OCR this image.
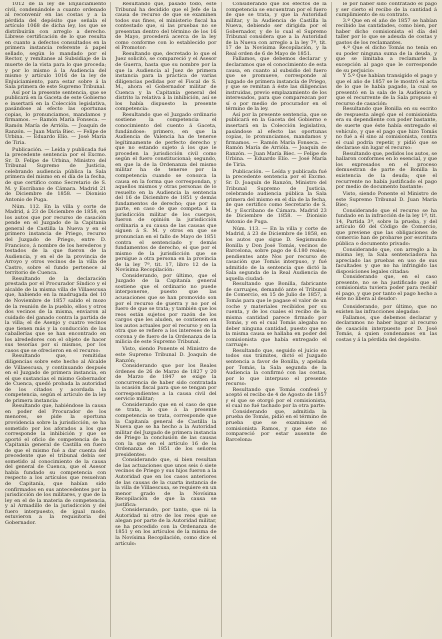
1012 de la ley de Enjuiciamiento civil, condenándole a cuanto ordenado al reconvenir en las costas y a la pérdida del depósito que señala el artículo 1068 de dicha ley, los que se distribuirán con arreglo a derecho. Librese certificación de lo que resulta en cuanto a defectos consultados en la primera instancia referente á papel sellado, según lo mandado por el Rector, y remítanse al Subsidiaje de la muerte de la vista para lo que proceda; y por lo mismo á la Audiencia del mismo y artículo 1016 de la ley de Enjuiciamiento, para estar sobre á la Sala primera de este Supremo Tribunal.

Así por la presente sentencia, que se publicará en la Gaceta de este Gobierno e insertará en la Colección legislativa, pasándose al efecto las oportunas copias, lo pronunciamos, mandamos y firmamos. — Ramón María Fonseca. — Ramón María de Arrióla. — Joaquín de Ranzón. — Juan María Biec. — Felipe de Urbina. — Eduardo Elío. — José María de Tiria.

Publicación. — Leída y publicada fué la precedente sentencia por el Excmo. Sr. D. Felipe de Urbina, Ministro del Tribunal Supremo de Justicia, celebrando audiencia pública la Sala primera del mismo en el día de la fecha, de que certifico como Secretario de S. M. y Escribano de Cámara. Madrid 21 de Diciembre de 1858. — Dionisio Antonio de Puga.

Núm. 112. En la villa y corte de Madrid, á 23 de Diciembre de 1858, en los autos que por recurso de casación pende en el Juzgado de la Capitanía general de Castilla la Nueva y en el primero instancia de Priego, recurso del Juzgado de Priego, entre D. Francisco, á nombre de los herederos y testados de la que fueron de la Audiencia, y en el de la provincia de Arroyo y otros vecinos de la villa de Castro, sobre el fundo pertenece al territorio de Cuenca.

Resultando de la declaración prestada por el Procurador Síndico y el alcalde de la misma villa de Villaescusa que, habiendo en la madrugada del 10 de Noviembre de 1857 salido el mozo de la reunión de la pueblo, ellos y otros dos vecinos de la misma, enviaron al cuidado del ganado contra la partida de la villa; el de Asenjo y cuatro vecinos que tienen más y la conducción de las caballerías que se han encontrado en los alrededores con el objeto de hacer sus tesorías por sí mismos, por los casos que se ofrecieron en el recurso:

Resultando que, remitidas diligencias sobre este hecho al Alcalde de Villaescusa, y continuando después en el Juzgado de primera instancia, en el que sustancias el mismo Gobernador de Cuenca, quedó probada la autoridad de los citados y acordada la competencia, según el artículo de la ley de primera instancia:

Resultando que, habiéndose la causa en poder del Procurador de los menores, se pide la oportuna providencia sobre la jurisdicción, se ha sometido por los aforados a los que corresponde la inhibición y que se aportó el oficio de competencia de la Capitanía general de Castilla en fuero de que el mismo fué a dar cuenta del precedente que el tribunal debía ser sometido al conocimiento de la causa del general de Cuenca, que el Asesor había fundado su competencia con respecto a los artículos que resuelvan de Capitanía, que habían sido confirmados en sus antecedentes por la jurisdicción de los militares, y que de la ley en el de la materia de competencia, y al Armadillo de la jurisdicción y del fuero interpuesto, de igual modo, estuvieron a la requisitoria del Gobernador.

Resultando que, pasado todo, este Tribunal ha decidido que el Jefe de la causa de recurso de que se examinen todos sus fines, el ministerio fiscal ha contestado que, si las pruebas no se presentan dentro del término de los 16 de Mayo, procederá acerca de la ley como conforme con lo establecido por el Promotor:

Resultando que, decretado lo que el Juez solicitó, se compareció y el Asesor de Guerra, hasta que su nombre por la que la Audiencia al Juez de primera instancia para la práctica de varias diligencias pedidas por el Fiscal de S. M., ahora el Gobernador militar de Cuenca y la Capitanía general del distrito la relativa á la inhibición, así se los había dispuesto la presente competencia:

Resultando que el Juzgado ordinario sostiene la competencia el conocimiento del cuento á Gaceta, fundándose: primero, en que la Audiencia de Valencia ha de tenerse legítimamente de perfecto derecho y que no estando sujeto á los que le proceden la jurisdicción civil como según el fuero constitucional; segundo, en que la de la Ordenanza del mismo militar ha de tenerse por la competencia cuando se conozca la causa en la forma que correspondan, y aquellos mismos y otras personas de lo resuelto en la Audiencia la sentencia del 16 de Diciembre de 1851 y demás fundamentos de derecho; que por su parte, en caso de que competa á la jurisdicción militar de los cuerpos, fueron de opinión la jurisdicción ordinaria a su causa de las causas que siguen á S. M. y otros en que se pronuncian en el fallo de Mayo de 1851 contra el sentenciado y demás fundamentos de derecho, el que por el mismo de la jurisdicción que se persigue a otra persona en la provincia de la ley 7ª, tit. 17, libro 12 de la Novísima Recopilación:

Considerando, por último, que el Juzgado de la Capitanía general sostiene que el ordinario no puede interponerse, puesto que las acusaciones que se han promovido son por el recurso de guerra y no por el fuero de que se trata; y también que los reos están sujetos por razón de los cargos que les aluden, se contienen en los autos actuales por el recurso y en la otra que se refiere a los intereses de la corona y de fuero de la Ordenanza de la milicia de este Supremo Tribunal.

Visto, siendo Ponente el Ministro de este Supremo Tribunal D. Joaquín de Ranzón;

Considerando que por los Reales órdenes de 26 de Marzo de 1827 y 20 de Marzo de 1847 se exige la concurrencia de haber sido contratada la ocasión fiscal para que se tengan por correspondientes a la causa civil del servicio militar;

Considerando que en el caso de que se trata, lo que á la presente competencia se trata, corresponde que la Capitanía general de Castilla la Nueva que se ha hecho a la Autoridad militar del Juzgado de primera instancia de Priego la conclusión de las causas con la que en el artículo 16 de la Ordenanza de 1851 de los señores presidentes:

Considerando que, si bien resultan de las actuaciones que unos seis ó siete vecinos de Priego y sus hijos fueron a la Autoridad que en los casos anteriores de las causas de la cuarta instancia de la villa de Villaescusa, se requiere en un menor grado de la Novísima Recopilación de que la causa se justifica:

Considerando, por tanto, que ni la Autoridad ni otro de los reos que se alegan por parte de la Autoridad militar, se ha procedido con la Ordenanza de 1851 y en los artículos de la misma de la Novísima Recopilación, como dice el artículo:

Considerando que los efectos de la competencia se encuentran por el fuero de que se trata, y que la Autoridad militar, y la Audiencia de Castilla la Nueva, debiendo ser dirigida por el Gobernador, y de lo cual el Supremo Tribunal considera que a la Autoridad de la Nueva con arreglo a la ley 7ª, tit. 17 de la Novísima Recopilación, y la Real orden de 6 de Mayo de 1851.

Fallamos, que debemos declarar y declaramos que el conocimiento de esta causa, en cuanto al subsidio del fuero que se promueve, corresponde al Juzgado de primera instancia de Priego, y que se remitan á éste las diligencias instruidas, previo emplazamiento de los interesados, para que comparezcan por sí o por medio de procurador en el término de la ley.

Así por la presente sentencia, que se publicará en la Gaceta del Gobierno e insertará en la Colección legislativa, pasándose al efecto las oportunas copias, lo pronunciamos, mandamos y firmamos. — Ramón María Fonseca. — Ramón María de Arrióla. — Joaquín de Ranzón. — Juan María Biec. — Felipe de Urbina. — Eduardo Elío. — José María de Tiria.

Publicación. — Leída y publicada fué la precedente sentencia por el Excmo. Sr. D. Joaquín de Ranzón, Ministro del Tribunal Supremo de Justicia, celebrando audiencia pública la Sala primera del mismo en el día de la fecha, de que certifico como Secretario de S. M. y Escribano de Cámara. Madrid 23 de Diciembre de 1858. — Dionisio Antonio de Puga.

Núm. 113. — En la villa y corte de Madrid, á 23 de Diciembre de 1858, en los autos que sigue D. Segismundo Bonilla y Don José Tomás, vecinos de Barcelona, sobre pago de 6.180 reales; pendientes ante Nos por recurso de casación que Tomás interpuso, y fué admitido de la sentencia que dictó la Sala segunda de la Real Audiencia de aquella ciudad:

Resultando que Bonilla, fabricante de carruajes, demandó ante el Tribunal de Comercio, en 15 de Julio de 1857, a Tomás para que le pagase el valor de un coche y materiales recibidos por su cuenta, y de los cuales el recibo de la misma cantidad parece firmado por Tomás, y en el cual Tomás alegaba no deber ninguna cantidad, puesto que en la misma causa se hallaba en poder del comisionista que había entregado el carruaje:

Resultando que, seguido el juicio en todos sus trámites, dictó el Juzgado sentencia a favor de Bonilla, y apelada por Tomás, la Sala segunda de la Audiencia la confirmó con las costas, por lo que interpuso el presente recurso:

Resultando que Tomás confesó y aceptó el recibo de 4 de Agosto de 1857 y el que se otorgó por el comisionista, el cual no fué tachado por la otra parte:

Considerando que, admitida la prueba de Tomás, pidió en el término de prueba que se examinase el comisionista Ramos, y que éste no compareció por estar ausente de Barcelona:

le por haber sido contratado el pago y ser cierto el recibo de la cantidad á cumplimiento de su contrato.

3.º Que en el año de 1857 se habían recibido las cantidades, como bien, por haber dicho comisionista el día del taller por lo que se adeuda de costas y gastos de los reclamantes.

4.º Que el dicho Tomás no tenía en su poder ninguna suma de la deuda, y que se limitaba a reclamarle la excepción al pago que le corresponde de su perjuicio:

Y 5.º Que habían transigido el pago y que el año de 1857 se le mostró el acta de lo que le había pagado, la cual se presentó en la sala de la Audiencia y que el recurrente de la Sala propuso el recurso de casación:

Resultando que Bonilla en su escrito de respuesta alegó que el comisionista era su dependiente con poder bastante, de suerte que éste había entregado el vehículo, y que el pago que hizo Tomás no fué a él sino al comisionista, contra el cual podría repetir, y pidió que se declarase sin lugar el recurso:

Resultando que, pedidos los autos, se hallaron conformes en lo esencial, y que los expresados en el proceso demuestran de parte de Bonilla la existencia de la deuda; que el recurrente no había justificado el pago por medio de documento bastante:

Visto, siendo Ponente el Ministro de este Supremo Tribunal D. Juan María Biec;

Considerando que el recurso se ha fundado en la infracción de la ley 1ª, tit. 14, Partida 3ª, sobre la prueba, y del artículo 60 del Código de Comercio, que previene que las obligaciones de comercio han de probarse por escritura pública o documento privado:

Considerando que, con arreglo a la misma ley, la Sala sentenciadora ha apreciado las pruebas en uso de sus facultades y que no ha infringido las disposiciones legales citadas:

Considerando que, en el caso presente, no se ha justificado que el comisionista tuviera poder para recibir el pago, y que por tanto el pago hecho a éste no libera al deudor:

Considerando, por último, que no existen las infracciones alegadas:

Fallamos, que debemos declarar y declaramos no haber lugar al recurso de casación interpuesto por D. José Tomás, á quien condenamos en las costas y á la pérdida del depósito.
